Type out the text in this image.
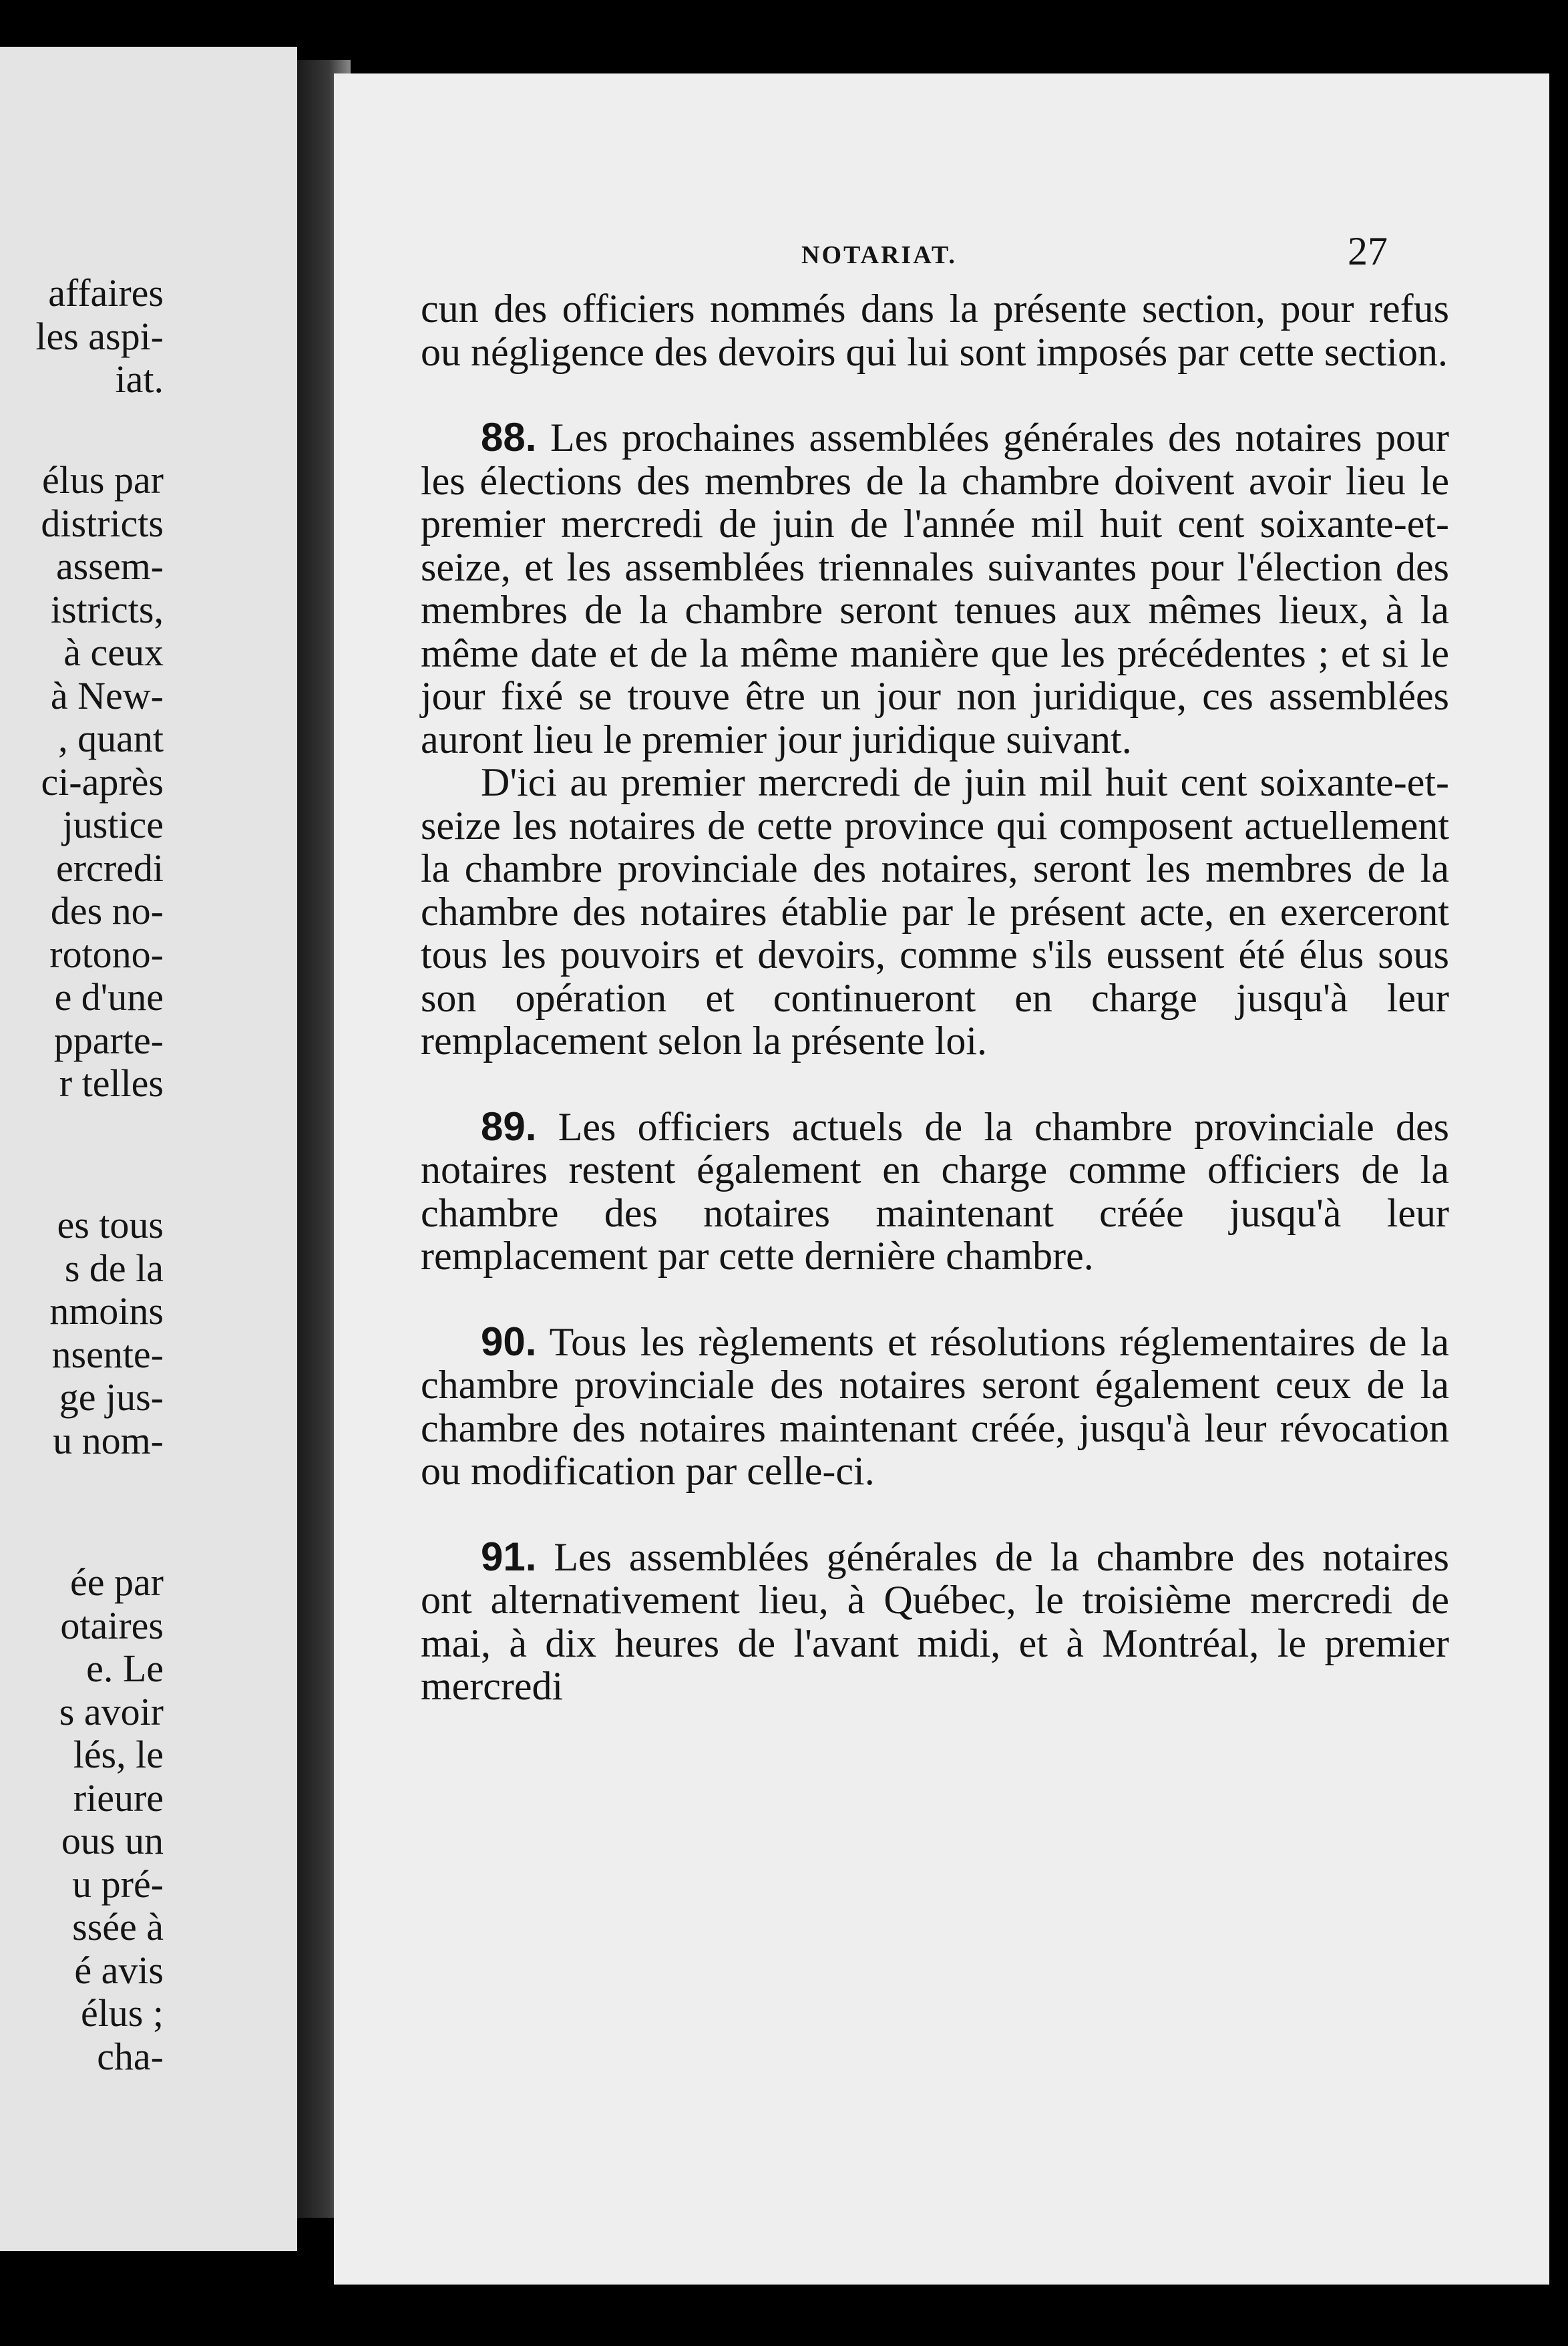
affaires
les aspi-
iat.
élus par
districts
assem-
istricts,
à ceux
à New-
, quant
ci-après
justice
ercredi
des no-
rotono-
e d'une
pparte-
r telles
es tous
s de la
nmoins
nsente-
ge jus-
u nom-
ée par
otaires
e. Le
s avoir
lés, le
rieure
ous un
u pré-
ssée à
é avis
élus ;
cha-
NOTARIAT.	27

cun des officiers nommés dans la présente section, pour refus ou négligence des devoirs qui lui sont imposés par cette section.

88. Les prochaines assemblées générales des notaires pour les élections des membres de la chambre doivent avoir lieu le premier mercredi de juin de l'année mil huit cent soixante-et-seize, et les assemblées triennales suivantes pour l'élection des membres de la chambre seront tenues aux mêmes lieux, à la même date et de la même manière que les précédentes ; et si le jour fixé se trouve être un jour non juridique, ces assemblées auront lieu le premier jour juridique suivant.

D'ici au premier mercredi de juin mil huit cent soixante-et-seize les notaires de cette province qui composent actuellement la chambre provinciale des notaires, seront les membres de la chambre des notaires établie par le présent acte, en exerceront tous les pouvoirs et devoirs, comme s'ils eussent été élus sous son opération et continueront en charge jusqu'à leur remplacement selon la présente loi.

89. Les officiers actuels de la chambre provinciale des notaires restent également en charge comme officiers de la chambre des notaires maintenant créée jusqu'à leur remplacement par cette dernière chambre.

90. Tous les règlements et résolutions réglementaires de la chambre provinciale des notaires seront également ceux de la chambre des notaires maintenant créée, jusqu'à leur révocation ou modification par celle-ci.

91. Les assemblées générales de la chambre des notaires ont alternativement lieu, à Québec, le troisième mercredi de mai, à dix heures de l'avant midi, et à Montréal, le premier mercredi
